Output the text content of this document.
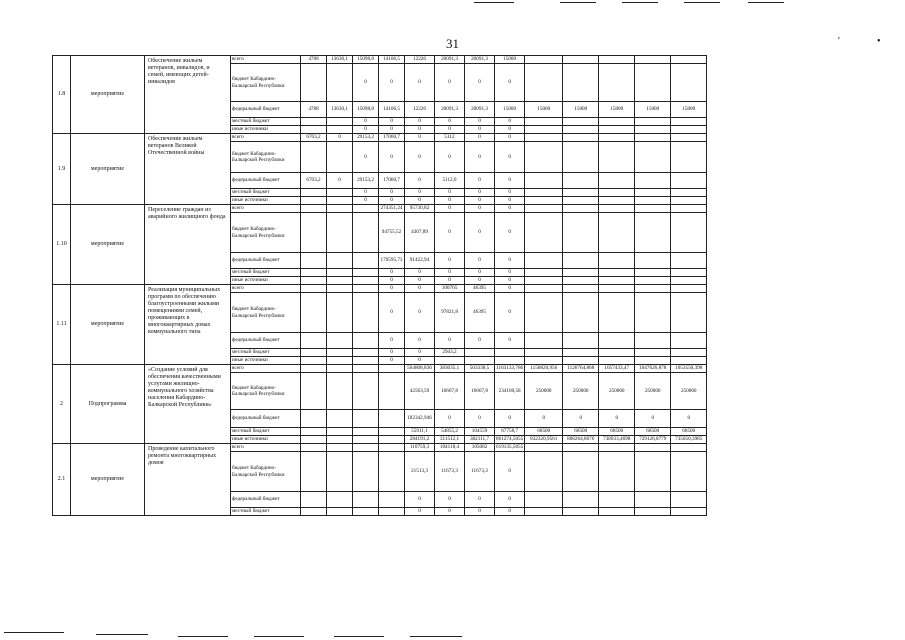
31	'	•
1.8	мероприятие	Обеспечение жильем ветеранов, инвалидов, и семей, имеющих детей-инвалидов	всего	4788	13630,1	15098,8	14106,5	12226	20091,3	20091,3	15000					
			бюджет Кабардино-Балкарской Республики			0	0	0	0	0	0					
			федеральный бюджет	4788	13630,1	15098,8	14106,5	12226	20091,3	20091,3	15000	15000	15000	15000	15000	15000
			местный бюджет			0	0	0	0	0	0					
			иные источники			0	0	0	0	0	0					
1.9	мероприятие	Обеспечение жильем ветеранов Великой Отечественной войны	всего	6703,2	0	29153,2	17060,7	0	5112	0	0					
			бюджет Кабардино-Балкарской Республики			0	0	0	0	0	0					
			федеральный бюджет	6703,2	0	29153,2	17060,7	0	5112,0	0	0					
			местный бюджет			0	0	0	0	0	0					
			иные источники			0	0	0	0	0	0					
1.10	мероприятие	Переселение граждан из аварийного жилищного фонда	всего				274351,24	95730,82	0	0	0					
			бюджет Кабардино-Балкарской Республики				94755,52	4307,89	0	0	0					
			федеральный бюджет				179595,73	91422,94	0	0	0					
			местный бюджет				0	0	0	0	0					
			иные источники				0	0	0	0	0					
1.11	мероприятие	Реализация муниципальных программ по обеспечению благоустроенными жилыми помещениями семей, проживающих в многоквартирных домах коммунального типа	всего				0	0	100765	46395	0					
			бюджет Кабардино-Балкарской Республики				0	0	97821,8	46395	0					
			федеральный бюджет				0	0	0	0	0					
			местный бюджет				0	0	2943,2							
			иные источники				0	0								
2	Подпрограмма	«Создание условий для обеспечения качественными услугами жилищно-коммунального хозяйства населения Кабардино-Балкарской Республики»	всего					564808,836	383035,1	503338,5	1163133,786	1150820,956	1126764,868	1057433,47	1047626,878	1053550,398
			бюджет Кабардино-Балкарской Республики					42563,59	16667,8	16667,8	234100,58	250000	250000	250000	250000	250000
			федеральный бюджет					182342,946	0	0	0	0	0	0	0	0
			местный бюджет					55911,1	54855,2	104559	67758,7	68500	68500	68500	68500	68500
			иные источники					284191,2	311512,1	382111,7	861274,5055	832320,9561	808264,8676	738933,4698	729126,8779	735050,3985
2.1	мероприятие	Проведение капитального ремонта многоквартирных домов	всего					110759,3	104118,4	105082	619135,5055					
			бюджет Кабардино-Балкарской Республики					21513,3	11673,3	11673,3	0					
			федеральный бюджет					0	0	0	0					
			местный бюджет					0	0	0	0					
